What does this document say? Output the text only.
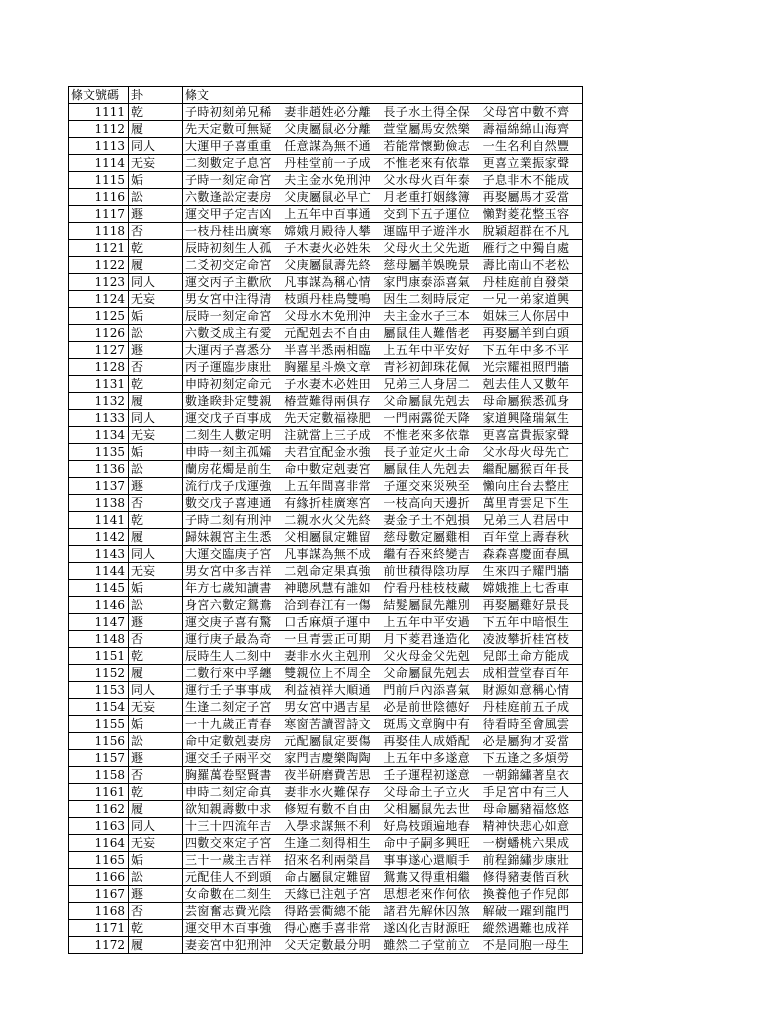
條文號碼	卦	條文
1111	乾	子時初刻弟兄稀　妻非趙姓必分離　長子水土得全保　父母宮中數不齊
1112	履	先天定數可無疑　父庚屬鼠必分離　萱堂屬馬安然樂　壽福綿綿山海齊
1113	同人	大運甲子喜重重　任意謀為無不通　若能常懷勤儉志　一生名利自然豐
1114	无妄	二刻數定子息宮　丹桂堂前一子成　不惟老來有依靠　更喜立業振家聲
1115	姤	子時一刻定命宮　夫主金水免刑沖　父水母火百年泰　子息非木不能成
1116	訟	六數逢訟定妻房　父庚屬鼠必早亡　月老重打姻緣簿　再娶屬馬才妥當
1117	遯	運交甲子定吉凶　上五年中百事通　交到下五子運位　懶對菱花整玉容
1118	否	一枝丹桂出廣寒　嫦娥月殿待人攀　運臨甲子遊泮水　脫穎超群在不凡
1121	乾	辰時初刻生人孤　子木妻火必姓朱　父母火土父先逝　雁行之中獨自處
1122	履	二爻初交定命宮　父庚屬鼠壽先終　慈母屬羊娛晚景　壽比南山不老松
1123	同人	運交丙子主歡欣　凡事謀為稱心情　家門康泰添喜氣　丹桂庭前自發榮
1124	无妄	男女宮中注得清　枝頭丹桂鳥雙鳴　因生二刻時辰定　一兄一弟家道興
1125	姤	辰時一刻定命宮　父母水木免刑沖　夫主金水子三本　姐妹三人你居中
1126	訟	六數爻成主有愛　元配剋去不自由　屬鼠佳人難偕老　再娶屬羊到白頭
1127	遯	大運丙子喜悉分　半喜半悉兩相臨　上五年中平安好　下五年中多不平
1128	否	丙子運臨步康壯　胸羅星斗煥文章　青衫初卸珠花佩　光宗耀祖照門牆
1131	乾	申時初刻定命元　子水妻木必姓田　兄弟三人身居二　剋去佳人又數年
1132	履	數逢睽卦定雙親　椿萱難得兩俱存　父命屬鼠先剋去　母命屬猴悉孤身
1133	同人	運交戊子百事成　先天定數福祿肥　一門兩露從天降　家道興隆瑞氣生
1134	无妄	二刻生人數定明　注就當上三子成　不惟老來多依靠　更喜富貴振家聲
1135	姤	申時一刻主孤孀　夫君宜配金水強　長子並定火土命　父水母火母先亡
1136	訟	蘭房花燭是前生　命中數定剋妻宮　屬鼠佳人先剋去　繼配屬猴百年長
1137	遯	流行戊子戊運強　上五年間喜非常　子運交來災殃至　懶向庄台去整庄
1138	否	數交戊子喜連通　有緣折桂廣寒宮　一枝高向天邊折　萬里青雲足下生
1141	乾	子時二刻有刑沖　二親水火父先終　妻金子土不剋損　兄弟三人君居中
1142	履	歸妹親宮主生悉　父相屬鼠定難留　慈母數定屬雞相　百年堂上壽春秋
1143	同人	大運交臨庚子宮　凡事謀為無不成　繼有吞來終變吉　森森喜慶面春風
1144	无妄	男女宮中多吉祥　二剋命定果真強　前世積得陰功厚　生來四子耀門牆
1145	姤	年方七歲知讀書　神聰夙慧有誰如　佇看丹桂枝枝藏　嫦娥推上七香車
1146	訟	身宮六數定鴛鴦　洽到春江有一傷　結髮屬鼠先離別　再娶屬雞好景長
1147	遯	運交庚子喜有驚　口舌麻煩子運中　上五年中平安過　下五年中暗恨生
1148	否	運行庚子最為奇　一旦青雲正可期　月下菱君逢造化　凌波攀折桂宮枝
1151	乾	辰時生人二刻中　妻非水火主剋刑　父火母金父先剋　兒郎土命方能成
1152	履	二數行來中孚纏　雙親位上不周全　父命屬鼠先剋去　成相萱堂春百年
1153	同人	運行壬子事事成　利益禎祥大順通　門前戶內添喜氣　財源如意稱心情
1154	无妄	生逢二刻定子宮　男女宮中遇吉星　必是前世陰德好　丹桂庭前五子成
1155	姤	一十九歲正青春　寒窗苦讀習詩文　斑馬文章胸中有　待看時至會風雲
1156	訟	命中定數剋妻房　元配屬鼠定要傷　再娶佳人成婚配　必是屬狗才妥當
1157	遯	運交壬子兩平交　家門吉慶樂陶陶　上五年中多遂意　下五逢之多煩勞
1158	否	胸羅萬卷堅賢書　夜半研磨費苦思　壬子運程初遂意　一朝錦繡著皇衣
1161	乾	申時二刻定命真　妻非水火難保存　父母命土子立火　手足宮中有三人
1162	履	欲知親壽數中求　修短有數不自由　父相屬鼠先去世　母命屬豬福悠悠
1163	同人	十三十四流年吉　入學求謀無不利　好鳥枝頭遍地春　精神快悲心如意
1164	无妄	四數交來定子宮　生逢二刻得相生　命中子嗣多興旺　一樹蟠桃六果成
1165	姤	三十一歲主吉祥　招來名利兩榮昌　事事遂心還順手　前程錦繡步康壯
1166	訟	元配佳人不到頭　命占屬鼠定難留　鴛鴦又得重相繼　修得豬妻偕百秋
1167	遯	女命數在二刻生　天緣已注剋子宮　思想老來作何依　換養他子作兒郎
1168	否	芸窗奮志費光陰　得路雲衢總不能　諸君先解休囚煞　解破一躍到龍門
1171	乾	運交甲木百事強　得心應手喜非常　遂凶化吉財源旺　縱然遇難也成祥
1172	履	妻妾宮中犯刑沖　父天定數最分明　雖然二子堂前立　不是同胞一母生
